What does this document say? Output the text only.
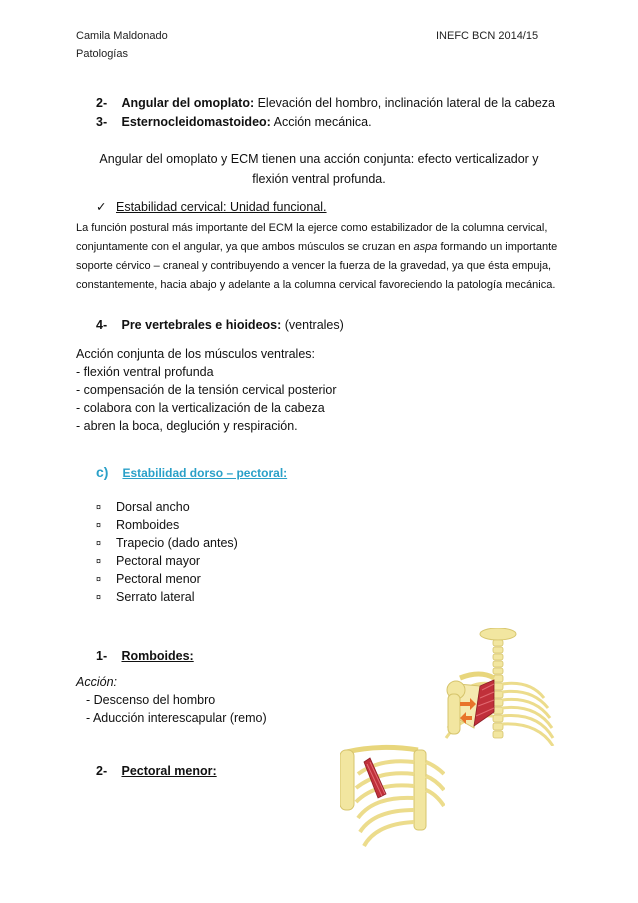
Camila Maldonado
Patologías
INEFC BCN 2014/15
2- Angular del omoplato: Elevación del hombro, inclinación lateral de la cabeza
3- Esternocleidomastoideo: Acción mecánica.
Angular del omoplato y ECM tienen una acción conjunta: efecto verticalizador y
flexión ventral profunda.
✓ Estabilidad cervical: Unidad funcional.
La función postural más importante del ECM la ejerce como estabilizador de la columna cervical,
conjuntamente con el angular, ya que ambos músculos se cruzan en aspa formando un importante
soporte cérvico – craneal y contribuyendo a vencer la fuerza de la gravedad, ya que ésta empuja,
constantemente, hacia abajo y adelante a la columna cervical favoreciendo la patología mecánica.
4- Pre vertebrales e hioideos: (ventrales)
Acción conjunta de los músculos ventrales:
- flexión ventral profunda
- compensación de la tensión cervical posterior
- colabora con la verticalización de la cabeza
- abren la boca, deglución y respiración.
c) Estabilidad dorso – pectoral:
¤ Dorsal ancho
¤ Romboides
¤ Trapecio (dado antes)
¤ Pectoral mayor
¤ Pectoral menor
¤ Serrato lateral
1- Romboides:
Acción:
- Descenso del hombro
- Aducción interescapular (remo)
2- Pectoral menor:
